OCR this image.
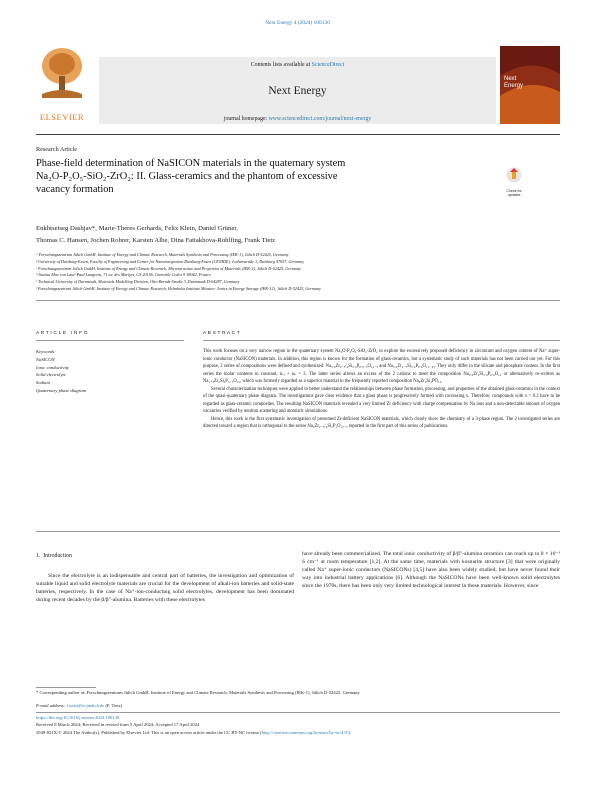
Next Energy 4 (2024) 100130
ELSEVIER
Contents lists available at ScienceDirect
Next Energy
journal homepage: www.sciencedirect.com/journal/next-energy
Next
Energy
Research Article
Phase-field determination of NaSICON materials in the quaternary system
Na₂O-P₂O₅-SiO₂-ZrO₂: II. Glass-ceramics and the phantom of excessive
vacancy formation	Check for
updates
Enkhtsetseg Dashjav*, Marie-Theres Gerhards, Felix Klein, Daniel Grüner,
Thomas C. Hansen, Jochen Rohrer, Karsten Albe, Dina Fattakhova-Rohlfing, Frank Tietz
ᵃ Forschungszentrum Jülich GmbH, Institute of Energy and Climate Research, Materials Synthesis and Processing (IEK-1), Jülich D-52425, Germany
ᵇ University of Duisburg-Essen, Faculty of Engineering and Center for Nanointegration Duisburg-Essen (CENIDE), Lotharstraße 1, Duisburg 47057, Germany
ᶜ Forschungszentrum Jülich GmbH, Institute of Energy and Climate Research, Microstructure and Properties of Materials (IEK-2), Jülich D-52425, Germany
ᵈ Institut Max von Laue-Paul Langevin, 71 av. des Martyrs, CS 20156, Grenoble Cedex 9 38042, France
ᵉ Technical University of Darmstadt, Materials Modelling Division, Otto-Berndt-Straße 3, Darmstadt D-64287, Germany
ᶠ Forschungszentrum Jülich GmbH, Institute of Energy and Climate Research, Helmholtz Institute Münster: Ionics in Energy Storage (IEK-12), Jülich D-52425, Germany
A R T I C L E   I N F O
Keywords:
NaSICON
Ionic conductivity
Solid electrolyte
Sodium
Quaternary phase diagram
A B S T R A C T
This work focuses on a very narrow region in the quaternary system Na₂O-P₂O₅-SiO₂-ZrO₂ to explore the excessively proposed deficiency in zirconium and oxygen content of Na⁺ super-ionic conductor (NaSICON) materials. In addition, this region is known for the formation of glass-ceramics, but a systematic study of such materials has not been carried out yet. For this purpose, 2 series of compositions were defined and synthesized: Na₃.₄Zr₂₋ₓ/₄Si₂.₄P₀.₆₋ₓO₁₂₋ₓ and Na₃.₄Zr₂₋ₓSi₂.₄P₀.₆O₁₂₋₂ₓ. They only differ in the silicate and phosphate content. In the first series the molar contents in constant, nₛᵢ + nₚ = 3. The latter series allows an excess of the 2 cations to meet the composition Na₃.₄Zr₂Si₂.₄P₀.₆O₁₂ or alternatively re-written as Na₁₊ₓZr₂SiₓP₃₋ₓO₁₂, which was formerly regarded as a superior material in the frequently reported composition Na₃Zr₂Si₂PO₁₂.
Several characterization techniques were applied to better understand the relationships between phase formation, processing, and properties of the obtained glass-ceramics in the context of the quasi-quaternary phase diagram. The investigations gave clear evidence that a glass phase is progressively formed with increasing x. Therefore, compounds with x > 0.2 have to be regarded as glass-ceramic composites. The resulting NaSICON materials revealed a very limited Zr deficiency with charge compensation by Na ions and a non-detectable amount of oxygen vacancies verified by neutron scattering and atomistic simulations.
Hence, this work is the first systematic investigation of presumed Zr-deficient NaSICON materials, which clearly show the chemistry of a 3-phase region. The 2 investigated series are directed toward a region that is orthogonal to the series Na₃Zr₂₋ₓ/₄Si₂P₁O₁₂₋ₓ reported in the first part of this series of publications.
1.  Introduction
Since the electrolyte is an indispensable and central part of batteries, the investigation and optimization of suitable liquid and solid electrolyte materials are crucial for the development of alkali-ion batteries and solid-state batteries, respectively. In the case of Na⁺-ion-conducting solid electrolytes, development has been dominated during recent decades by the β/β″-alumina. Batteries with these electrolytes
have already been commercialized. The total ionic conductivity of β/β″-alumina ceramics can reach up to 8 × 10⁻³ S cm⁻¹ at room temperature [1,2]. At the same time, materials with kosnarite structure [3] that were originally called Na⁺ super-ionic conductors (NaSICONs) [4,5] have also been widely studied, but have never found their way into industrial battery applications [6]. Although the NaSICONs have been well-known solid electrolytes since the 1970s, there has been only very limited technological interest in these materials. However, since
* Corresponding author at: Forschungszentrum Jülich GmbH, Institute of Energy and Climate Research, Materials Synthesis and Processing (IEK-1), Jülich D-52425, Germany.
E-mail address: f.tietz@fz-juelich.de (F. Tietz).
https://doi.org/10.1016/j.nxener.2024.100130
Received 8 March 2024; Received in revised form 5 April 2024; Accepted 17 April 2024
2949-821X/© 2024 The Author(s). Published by Elsevier Ltd. This is an open access article under the CC BY-NC license (http://creativecommons.org/licenses/by-nc/4.0/).
